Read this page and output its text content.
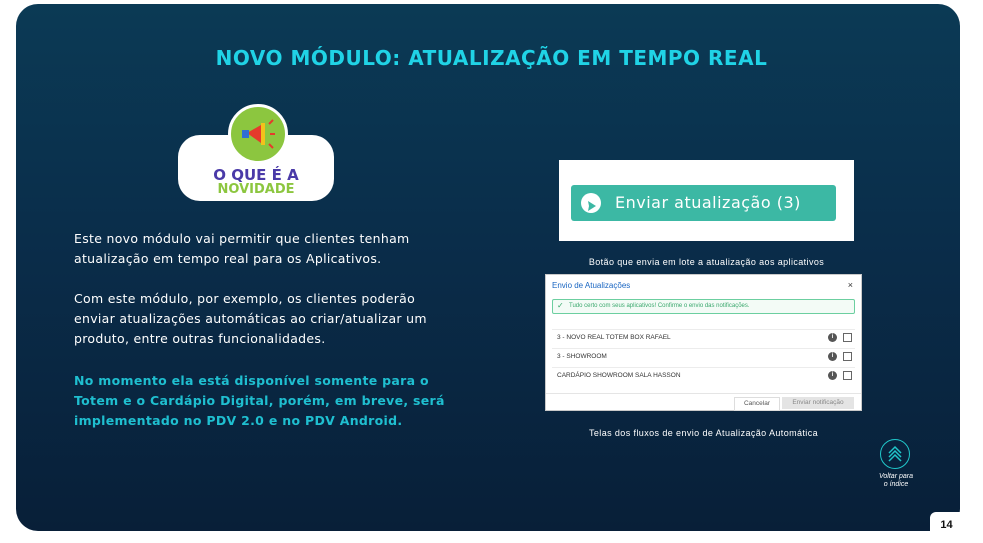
NOVO MÓDULO: ATUALIZAÇÃO EM TEMPO REAL
O QUE É A
NOVIDADE
Este novo módulo vai permitir que clientes tenham atualização em tempo real para os Aplicativos.
Com este módulo, por exemplo, os clientes poderão enviar atualizações automáticas ao criar/atualizar um produto, entre outras funcionalidades.
No momento ela está disponível somente para o Totem e o Cardápio Digital, porém, em breve, será implementado no PDV 2.0 e no PDV Android.
Enviar atualização (3)
Botão que envia em lote a atualização aos aplicativos
Envio de Atualizações	×
✓ Tudo certo com seus aplicativos! Confirme o envio das notificações.
3 - NOVO REAL TOTEM BOX RAFAEL	i
3 - SHOWROOM	i
CARDÁPIO SHOWROOM SALA HASSON	i
Cancelar	Enviar notificação
Telas dos fluxos de envio de Atualização Automática
Voltar para
o índice
14
